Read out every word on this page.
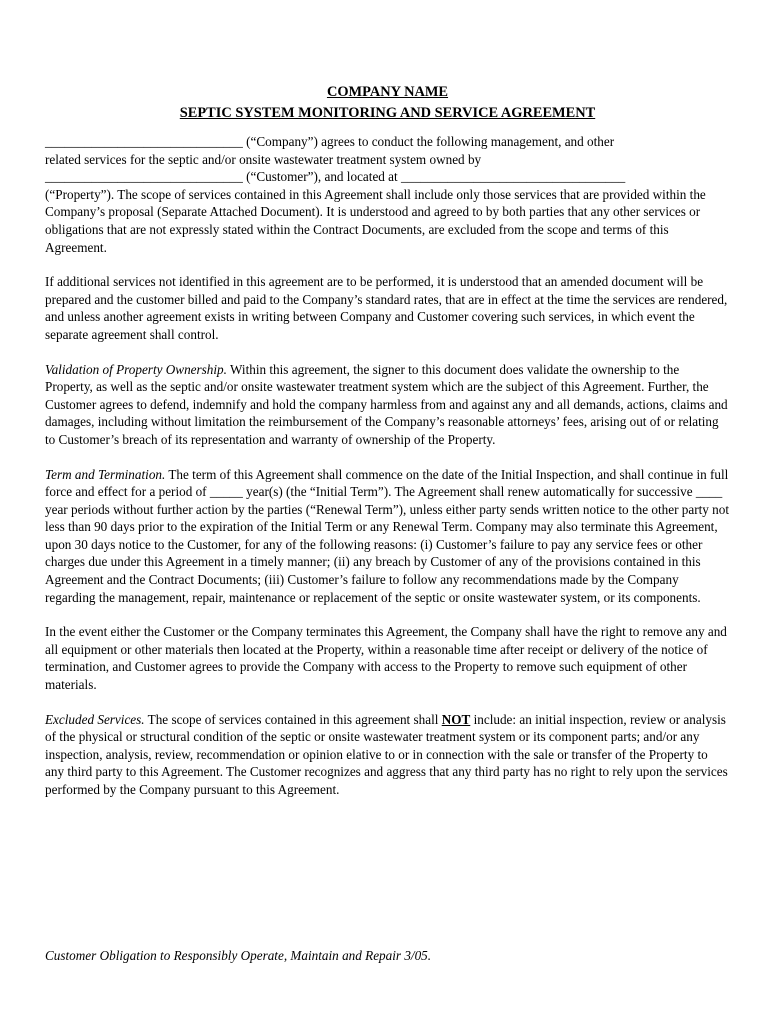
COMPANY NAME
SEPTIC SYSTEM MONITORING AND SERVICE AGREEMENT

______________________________ (“Company”) agrees to conduct the following management, and other
related services for the septic and/or onsite wastewater treatment system owned by
______________________________ (“Customer”), and located at __________________________________
(“Property”). The scope of services contained in this Agreement shall include only those services that are provided within the Company’s proposal (Separate Attached Document). It is understood and agreed to by both parties that any other services or obligations that are not expressly stated within the Contract Documents, are excluded from the scope and terms of this Agreement.

If additional services not identified in this agreement are to be performed, it is understood that an amended document will be prepared and the customer billed and paid to the Company’s standard rates, that are in effect at the time the services are rendered, and unless another agreement exists in writing between Company and Customer covering such services, in which event the separate agreement shall control.

Validation of Property Ownership. Within this agreement, the signer to this document does validate the ownership to the Property, as well as the septic and/or onsite wastewater treatment system which are the subject of this Agreement. Further, the Customer agrees to defend, indemnify and hold the company harmless from and against any and all demands, actions, claims and damages, including without limitation the reimbursement of the Company’s reasonable attorneys’ fees, arising out of or relating to Customer’s breach of its representation and warranty of ownership of the Property.

Term and Termination. The term of this Agreement shall commence on the date of the Initial Inspection, and shall continue in full force and effect for a period of _____ year(s) (the “Initial Term”). The Agreement shall renew automatically for successive ____ year periods without further action by the parties (“Renewal Term”), unless either party sends written notice to the other party not less than 90 days prior to the expiration of the Initial Term or any Renewal Term. Company may also terminate this Agreement, upon 30 days notice to the Customer, for any of the following reasons: (i) Customer’s failure to pay any service fees or other charges due under this Agreement in a timely manner; (ii) any breach by Customer of any of the provisions contained in this Agreement and the Contract Documents; (iii) Customer’s failure to follow any recommendations made by the Company regarding the management, repair, maintenance or replacement of the septic or onsite wastewater system, or its components.

In the event either the Customer or the Company terminates this Agreement, the Company shall have the right to remove any and all equipment or other materials then located at the Property, within a reasonable time after receipt or delivery of the notice of termination, and Customer agrees to provide the Company with access to the Property to remove such equipment of other materials.

Excluded Services. The scope of services contained in this agreement shall NOT include: an initial inspection, review or analysis of the physical or structural condition of the septic or onsite wastewater treatment system or its component parts; and/or any inspection, analysis, review, recommendation or opinion elative to or in connection with the sale or transfer of the Property to any third party to this Agreement. The Customer recognizes and aggress that any third party has no right to rely upon the services performed by the Company pursuant to this Agreement.

Customer Obligation to Responsibly Operate, Maintain and Repair 3/05.
